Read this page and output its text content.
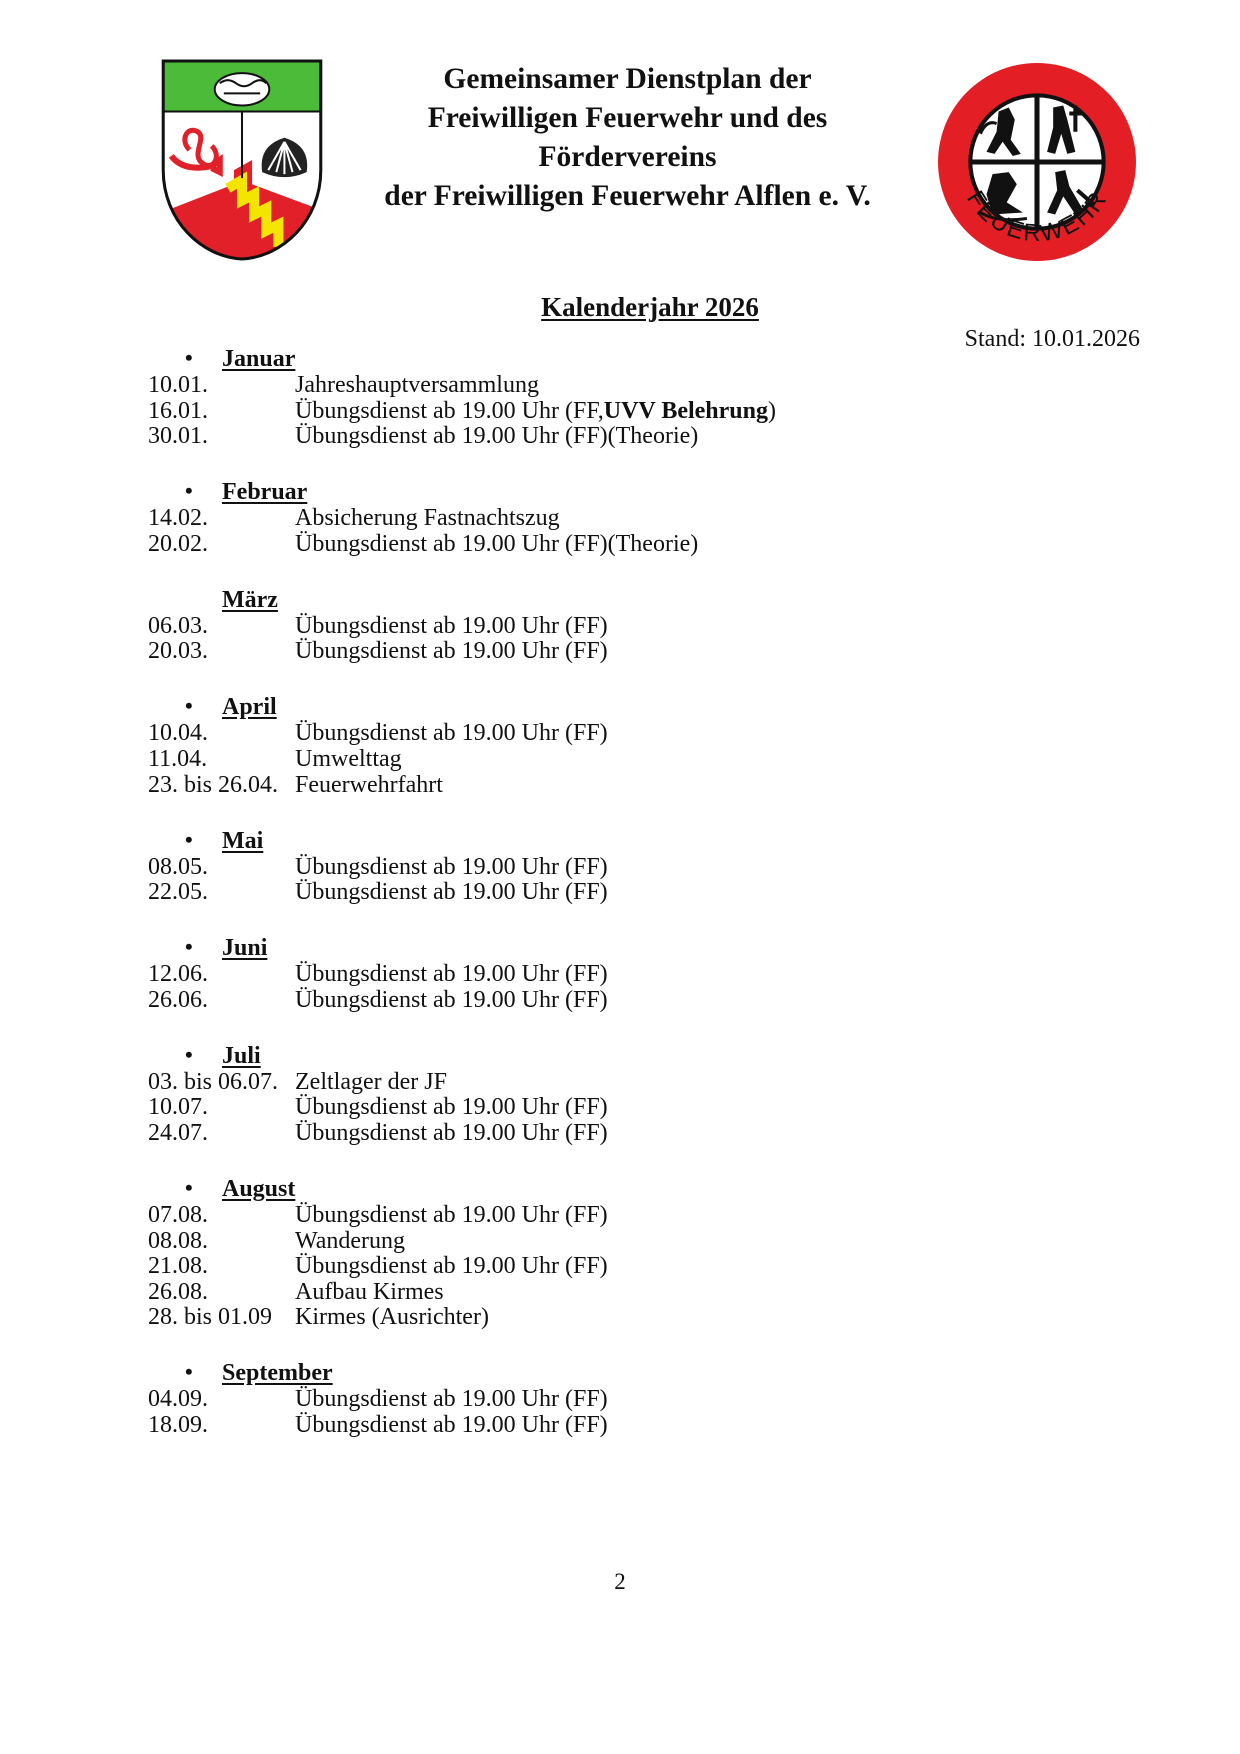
Gemeinsamer Dienstplan der
Freiwilligen Feuerwehr und des
Fördervereins
der Freiwilligen Feuerwehr Alflen e. V.	FEUERWEHR
Kalenderjahr 2026
Stand: 10.01.2026
• Januar
10.01.	Jahreshauptversammlung
16.01.	Übungsdienst ab 19.00 Uhr (FF,UVV Belehrung)
30.01.	Übungsdienst ab 19.00 Uhr (FF)(Theorie)
• Februar
14.02.	Absicherung Fastnachtszug
20.02.	Übungsdienst ab 19.00 Uhr (FF)(Theorie)
März
06.03.	Übungsdienst ab 19.00 Uhr (FF)
20.03.	Übungsdienst ab 19.00 Uhr (FF)
• April
10.04.	Übungsdienst ab 19.00 Uhr (FF)
11.04.	Umwelttag
23. bis 26.04. Feuerwehrfahrt
• Mai
08.05.	Übungsdienst ab 19.00 Uhr (FF)
22.05.	Übungsdienst ab 19.00 Uhr (FF)
• Juni
12.06.	Übungsdienst ab 19.00 Uhr (FF)
26.06.	Übungsdienst ab 19.00 Uhr (FF)
• Juli
03. bis 06.07. Zeltlager der JF
10.07.	Übungsdienst ab 19.00 Uhr (FF)
24.07.	Übungsdienst ab 19.00 Uhr (FF)
• August
07.08.	Übungsdienst ab 19.00 Uhr (FF)
08.08.	Wanderung
21.08.	Übungsdienst ab 19.00 Uhr (FF)
26.08.	Aufbau Kirmes
28. bis 01.09 Kirmes (Ausrichter)
• September
04.09.	Übungsdienst ab 19.00 Uhr (FF)
18.09.	Übungsdienst ab 19.00 Uhr (FF)
2
